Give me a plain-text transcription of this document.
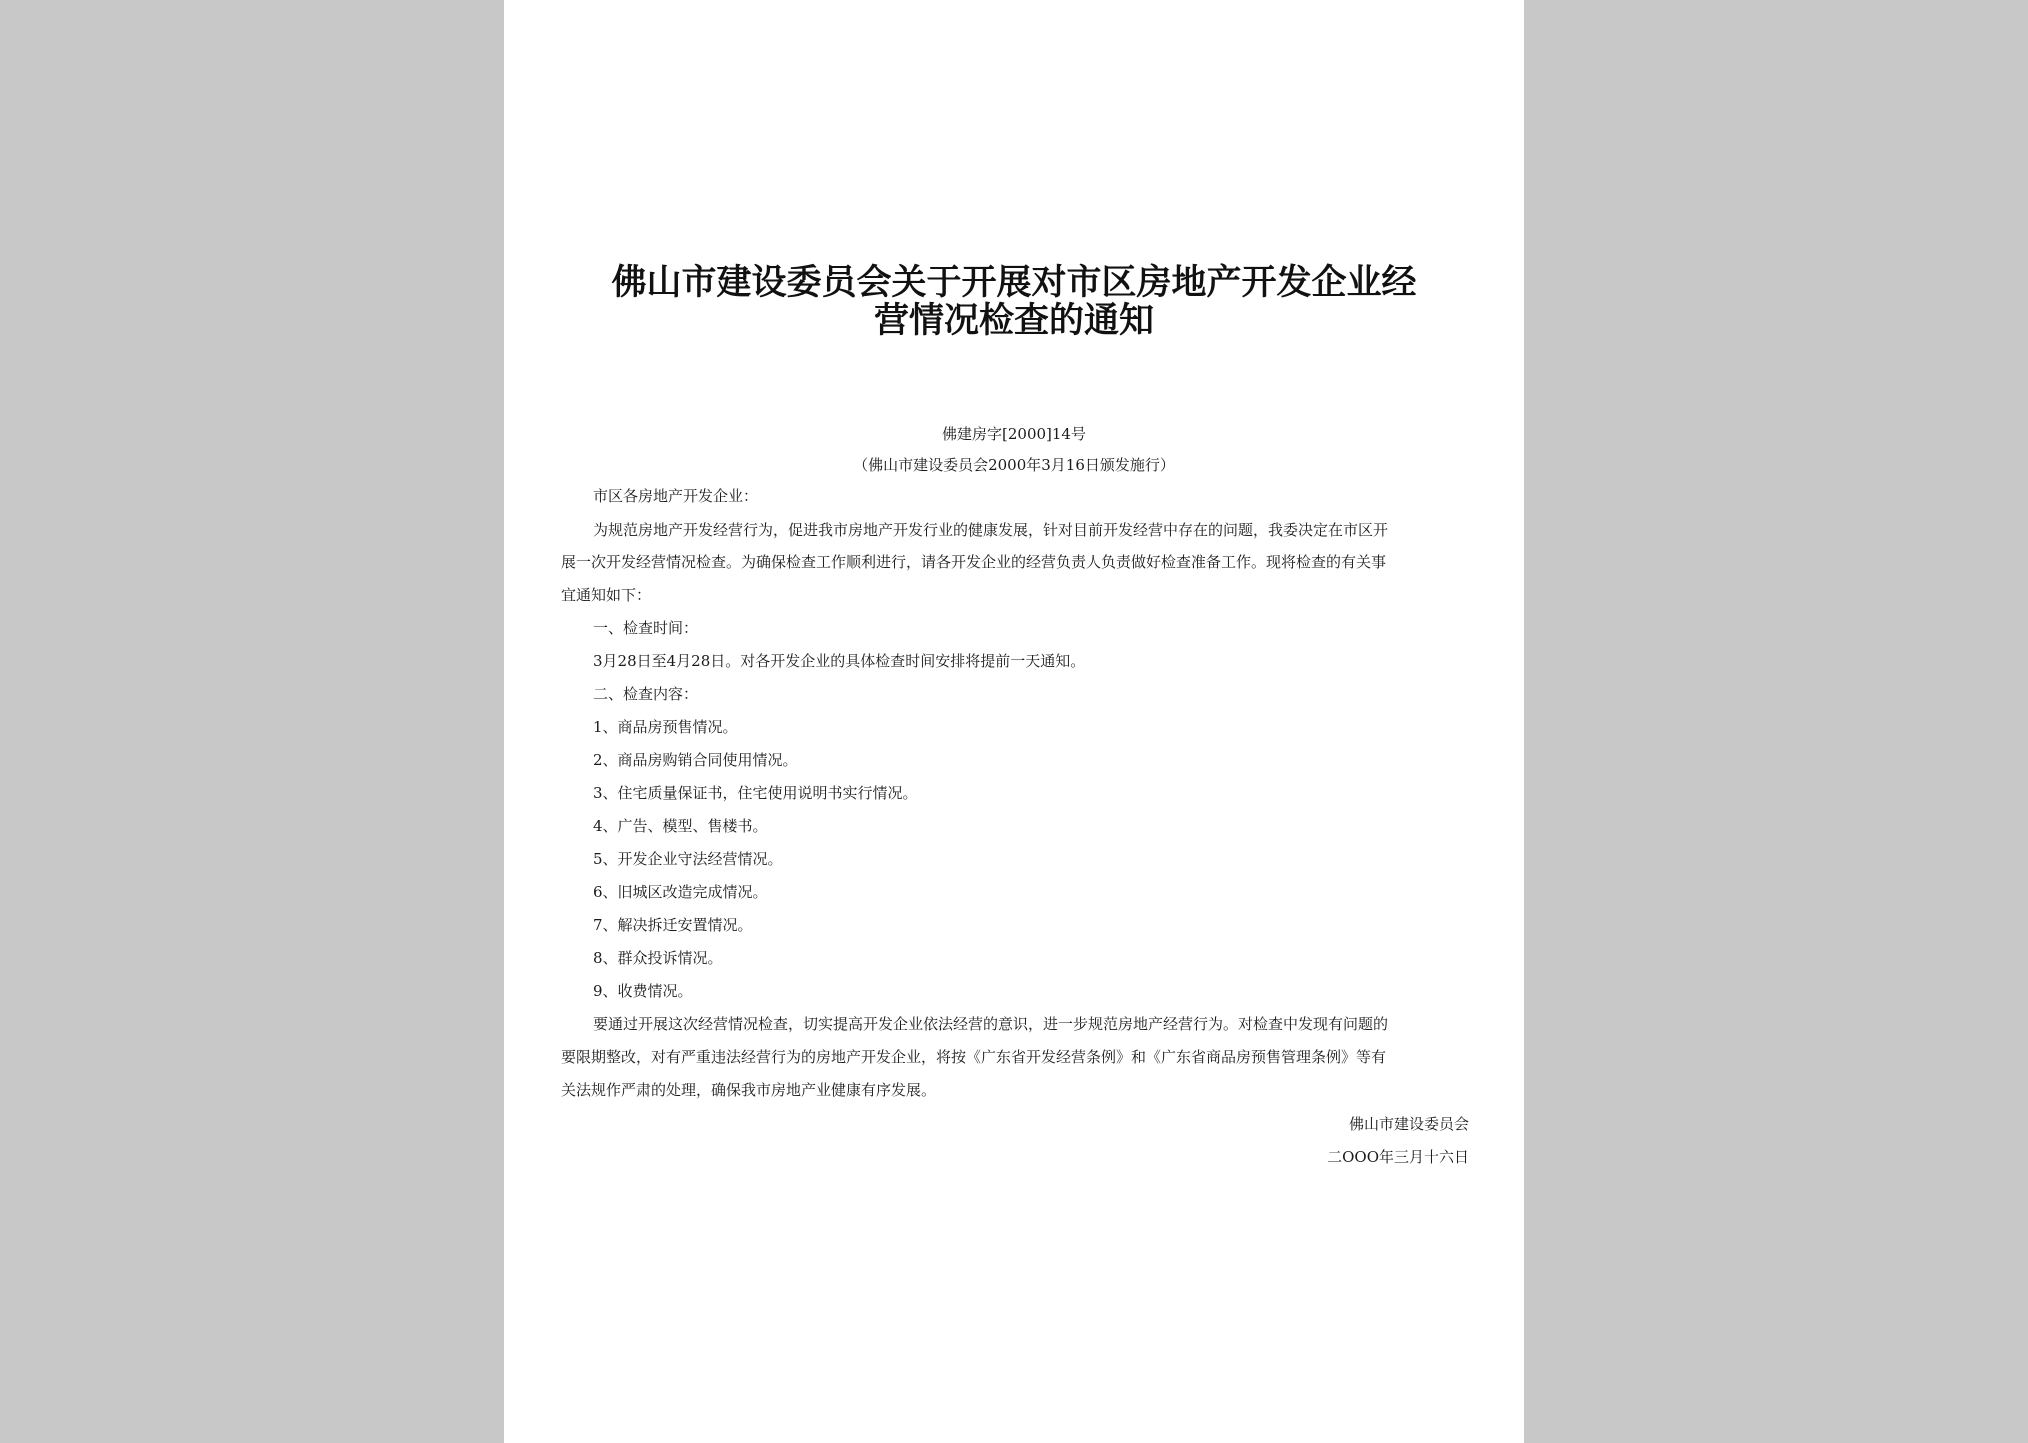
佛山市建设委员会关于开展对市区房地产开发企业经
营情况检查的通知
佛建房字[2000]14号
（佛山市建设委员会2000年3月16日颁发施行）
市区各房地产开发企业：
为规范房地产开发经营行为，促进我市房地产开发行业的健康发展，针对目前开发经营中存在的问题，我委决定在市区开
展一次开发经营情况检查。为确保检查工作顺利进行，请各开发企业的经营负责人负责做好检查准备工作。现将检查的有关事
宜通知如下：
一、检查时间：
3月28日至4月28日。对各开发企业的具体检查时间安排将提前一天通知。
二、检查内容：
1、商品房预售情况。
2、商品房购销合同使用情况。
3、住宅质量保证书，住宅使用说明书实行情况。
4、广告、模型、售楼书。
5、开发企业守法经营情况。
6、旧城区改造完成情况。
7、解决拆迁安置情况。
8、群众投诉情况。
9、收费情况。
要通过开展这次经营情况检查，切实提高开发企业依法经营的意识，进一步规范房地产经营行为。对检查中发现有问题的
要限期整改，对有严重违法经营行为的房地产开发企业，将按《广东省开发经营条例》和《广东省商品房预售管理条例》等有
关法规作严肃的处理，确保我市房地产业健康有序发展。
佛山市建设委员会
二OOO年三月十六日
